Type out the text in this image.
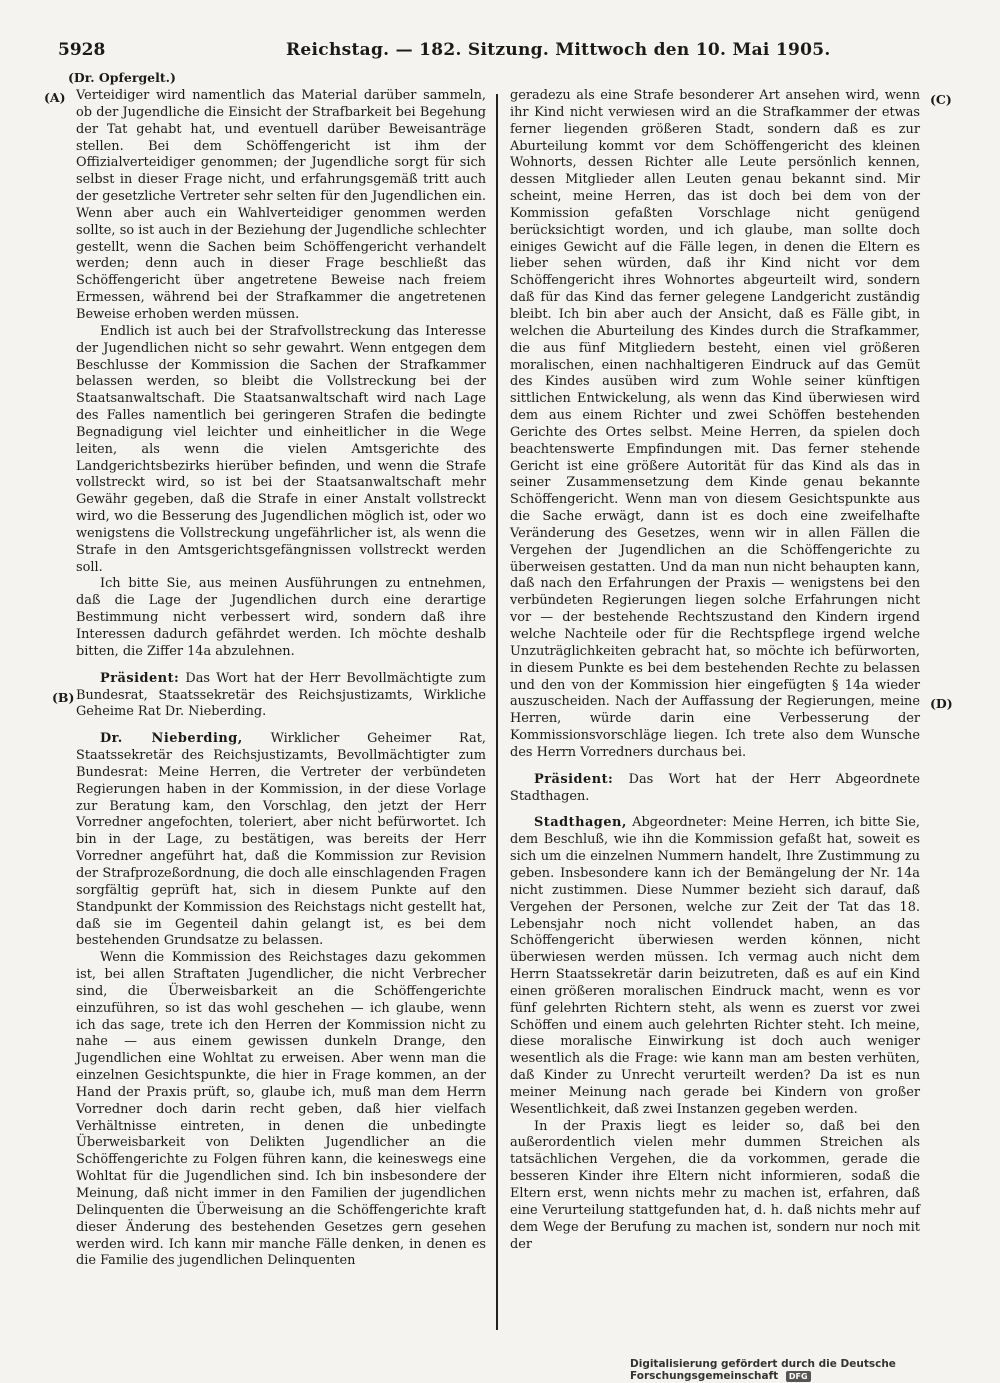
5928	Reichstag. — 182. Sitzung. Mittwoch den 10. Mai 1905.
(Dr. Opfergelt.)
(A)
(B)
(C)
(D)

Verteidiger wird namentlich das Material darüber sammeln, ob der Jugendliche die Einsicht der Strafbarkeit bei Begehung der Tat gehabt hat, und eventuell darüber Beweisanträge stellen. Bei dem Schöffengericht ist ihm der Offizialverteidiger genommen; der Jugendliche sorgt für sich selbst in dieser Frage nicht, und erfahrungsgemäß tritt auch der gesetzliche Vertreter sehr selten für den Jugendlichen ein. Wenn aber auch ein Wahlverteidiger genommen werden sollte, so ist auch in der Beziehung der Jugendliche schlechter gestellt, wenn die Sachen beim Schöffengericht verhandelt werden; denn auch in dieser Frage beschließt das Schöffengericht über angetretene Beweise nach freiem Ermessen, während bei der Strafkammer die angetretenen Beweise erhoben werden müssen.

Endlich ist auch bei der Strafvollstreckung das Interesse der Jugendlichen nicht so sehr gewahrt. Wenn entgegen dem Beschlusse der Kommission die Sachen der Strafkammer belassen werden, so bleibt die Vollstreckung bei der Staatsanwaltschaft. Die Staatsanwaltschaft wird nach Lage des Falles namentlich bei geringeren Strafen die bedingte Begnadigung viel leichter und einheitlicher in die Wege leiten, als wenn die vielen Amtsgerichte des Landgerichtsbezirks hierüber befinden, und wenn die Strafe vollstreckt wird, so ist bei der Staatsanwaltschaft mehr Gewähr gegeben, daß die Strafe in einer Anstalt vollstreckt wird, wo die Besserung des Jugendlichen möglich ist, oder wo wenigstens die Vollstreckung ungefährlicher ist, als wenn die Strafe in den Amtsgerichtsgefängnissen vollstreckt werden soll.

Ich bitte Sie, aus meinen Ausführungen zu entnehmen, daß die Lage der Jugendlichen durch eine derartige Bestimmung nicht verbessert wird, sondern daß ihre Interessen dadurch gefährdet werden. Ich möchte deshalb bitten, die Ziffer 14a abzulehnen.

Präsident: Das Wort hat der Herr Bevollmächtigte zum Bundesrat, Staatssekretär des Reichsjustizamts, Wirkliche Geheime Rat Dr. Nieberding.

Dr. Nieberding, Wirklicher Geheimer Rat, Staatssekretär des Reichsjustizamts, Bevollmächtigter zum Bundesrat: Meine Herren, die Vertreter der verbündeten Regierungen haben in der Kommission, in der diese Vorlage zur Beratung kam, den Vorschlag, den jetzt der Herr Vorredner angefochten, toleriert, aber nicht befürwortet. Ich bin in der Lage, zu bestätigen, was bereits der Herr Vorredner angeführt hat, daß die Kommission zur Revision der Strafprozeßordnung, die doch alle einschlagenden Fragen sorgfältig geprüft hat, sich in diesem Punkte auf den Standpunkt der Kommission des Reichstags nicht gestellt hat, daß sie im Gegenteil dahin gelangt ist, es bei dem bestehenden Grundsatze zu belassen.

Wenn die Kommission des Reichstages dazu gekommen ist, bei allen Straftaten Jugendlicher, die nicht Verbrecher sind, die Überweisbarkeit an die Schöffengerichte einzuführen, so ist das wohl geschehen — ich glaube, wenn ich das sage, trete ich den Herren der Kommission nicht zu nahe — aus einem gewissen dunkeln Drange, den Jugendlichen eine Wohltat zu erweisen. Aber wenn man die einzelnen Gesichtspunkte, die hier in Frage kommen, an der Hand der Praxis prüft, so, glaube ich, muß man dem Herrn Vorredner doch darin recht geben, daß hier vielfach Verhältnisse eintreten, in denen die unbedingte Überweisbarkeit von Delikten Jugendlicher an die Schöffengerichte zu Folgen führen kann, die keineswegs eine Wohltat für die Jugendlichen sind. Ich bin insbesondere der Meinung, daß nicht immer in den Familien der jugendlichen Delinquenten die Überweisung an die Schöffengerichte kraft dieser Änderung des bestehenden Gesetzes gern gesehen werden wird. Ich kann mir manche Fälle denken, in denen es die Familie des jugendlichen Delinquenten

geradezu als eine Strafe besonderer Art ansehen wird, wenn ihr Kind nicht verwiesen wird an die Strafkammer der etwas ferner liegenden größeren Stadt, sondern daß es zur Aburteilung kommt vor dem Schöffengericht des kleinen Wohnorts, dessen Richter alle Leute persönlich kennen, dessen Mitglieder allen Leuten genau bekannt sind. Mir scheint, meine Herren, das ist doch bei dem von der Kommission gefaßten Vorschlage nicht genügend berücksichtigt worden, und ich glaube, man sollte doch einiges Gewicht auf die Fälle legen, in denen die Eltern es lieber sehen würden, daß ihr Kind nicht vor dem Schöffengericht ihres Wohnortes abgeurteilt wird, sondern daß für das Kind das ferner gelegene Landgericht zuständig bleibt. Ich bin aber auch der Ansicht, daß es Fälle gibt, in welchen die Aburteilung des Kindes durch die Strafkammer, die aus fünf Mitgliedern besteht, einen viel größeren moralischen, einen nachhaltigeren Eindruck auf das Gemüt des Kindes ausüben wird zum Wohle seiner künftigen sittlichen Entwickelung, als wenn das Kind überwiesen wird dem aus einem Richter und zwei Schöffen bestehenden Gerichte des Ortes selbst. Meine Herren, da spielen doch beachtenswerte Empfindungen mit. Das ferner stehende Gericht ist eine größere Autorität für das Kind als das in seiner Zusammensetzung dem Kinde genau bekannte Schöffengericht. Wenn man von diesem Gesichtspunkte aus die Sache erwägt, dann ist es doch eine zweifelhafte Veränderung des Gesetzes, wenn wir in allen Fällen die Vergehen der Jugendlichen an die Schöffengerichte zu überweisen gestatten. Und da man nun nicht behaupten kann, daß nach den Erfahrungen der Praxis — wenigstens bei den verbündeten Regierungen liegen solche Erfahrungen nicht vor — der bestehende Rechtszustand den Kindern irgend welche Nachteile oder für die Rechtspflege irgend welche Unzuträglichkeiten gebracht hat, so möchte ich befürworten, in diesem Punkte es bei dem bestehenden Rechte zu belassen und den von der Kommission hier eingefügten § 14a wieder auszuscheiden. Nach der Auffassung der Regierungen, meine Herren, würde darin eine Verbesserung der Kommissionsvorschläge liegen. Ich trete also dem Wunsche des Herrn Vorredners durchaus bei.

Präsident: Das Wort hat der Herr Abgeordnete Stadthagen.

Stadthagen, Abgeordneter: Meine Herren, ich bitte Sie, dem Beschluß, wie ihn die Kommission gefaßt hat, soweit es sich um die einzelnen Nummern handelt, Ihre Zustimmung zu geben. Insbesondere kann ich der Bemängelung der Nr. 14a nicht zustimmen. Diese Nummer bezieht sich darauf, daß Vergehen der Personen, welche zur Zeit der Tat das 18. Lebensjahr noch nicht vollendet haben, an das Schöffengericht überwiesen werden können, nicht überwiesen werden müssen. Ich vermag auch nicht dem Herrn Staatssekretär darin beizutreten, daß es auf ein Kind einen größeren moralischen Eindruck macht, wenn es vor fünf gelehrten Richtern steht, als wenn es zuerst vor zwei Schöffen und einem auch gelehrten Richter steht. Ich meine, diese moralische Einwirkung ist doch auch weniger wesentlich als die Frage: wie kann man am besten verhüten, daß Kinder zu Unrecht verurteilt werden? Da ist es nun meiner Meinung nach gerade bei Kindern von großer Wesentlichkeit, daß zwei Instanzen gegeben werden.

In der Praxis liegt es leider so, daß bei den außerordentlich vielen mehr dummen Streichen als tatsächlichen Vergehen, die da vorkommen, gerade die besseren Kinder ihre Eltern nicht informieren, sodaß die Eltern erst, wenn nichts mehr zu machen ist, erfahren, daß eine Verurteilung stattgefunden hat, d. h. daß nichts mehr auf dem Wege der Berufung zu machen ist, sondern nur noch mit der

Digitalisierung gefördert durch die Deutsche Forschungsgemeinschaft DFG
